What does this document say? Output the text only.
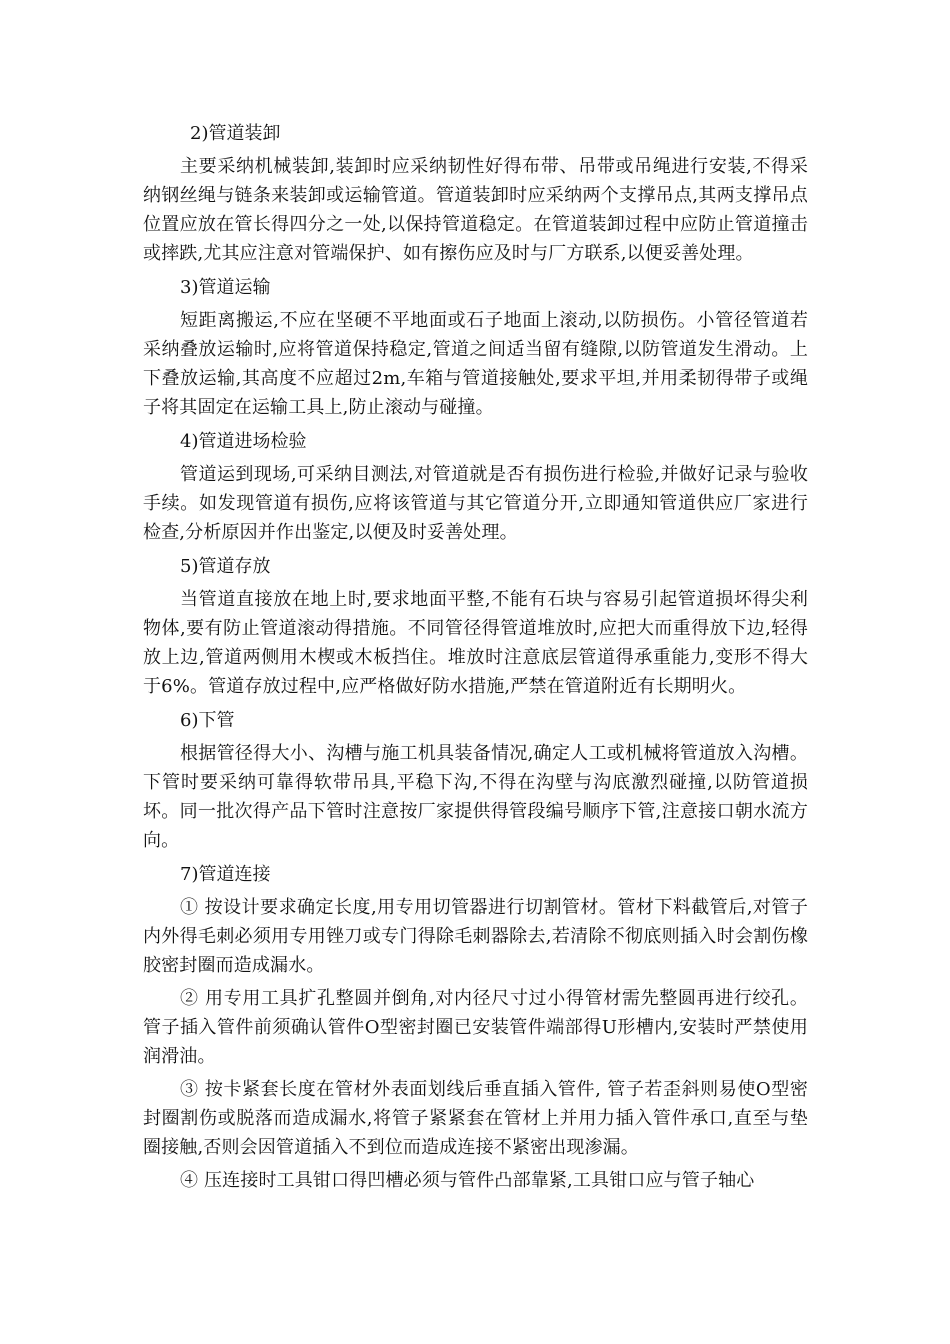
2)管道装卸

主要采纳机械装卸,装卸时应采纳韧性好得布带、吊带或吊绳进行安装,不得采纳钢丝绳与链条来装卸或运输管道。管道装卸时应采纳两个支撑吊点,其两支撑吊点位置应放在管长得四分之一处,以保持管道稳定。在管道装卸过程中应防止管道撞击或摔跌,尤其应注意对管端保护、如有擦伤应及时与厂方联系,以便妥善处理。

3)管道运输

短距离搬运,不应在坚硬不平地面或石子地面上滚动,以防损伤。小管径管道若采纳叠放运输时,应将管道保持稳定,管道之间适当留有缝隙,以防管道发生滑动。上下叠放运输,其高度不应超过2m,车箱与管道接触处,要求平坦,并用柔韧得带子或绳子将其固定在运输工具上,防止滚动与碰撞。

4)管道进场检验

管道运到现场,可采纳目测法,对管道就是否有损伤进行检验,并做好记录与验收手续。如发现管道有损伤,应将该管道与其它管道分开,立即通知管道供应厂家进行检查,分析原因并作出鉴定,以便及时妥善处理。

5)管道存放

当管道直接放在地上时,要求地面平整,不能有石块与容易引起管道损坏得尖利物体,要有防止管道滚动得措施。不同管径得管道堆放时,应把大而重得放下边,轻得放上边,管道两侧用木楔或木板挡住。堆放时注意底层管道得承重能力,变形不得大于6%。管道存放过程中,应严格做好防水措施,严禁在管道附近有长期明火。

6)下管

根据管径得大小、沟槽与施工机具装备情况,确定人工或机械将管道放入沟槽。下管时要采纳可靠得软带吊具,平稳下沟,不得在沟壁与沟底激烈碰撞,以防管道损坏。同一批次得产品下管时注意按厂家提供得管段编号顺序下管,注意接口朝水流方向。

7)管道连接

① 按设计要求确定长度,用专用切管器进行切割管材。管材下料截管后,对管子内外得毛刺必须用专用锉刀或专门得除毛刺器除去,若清除不彻底则插入时会割伤橡胶密封圈而造成漏水。

② 用专用工具扩孔整圆并倒角,对内径尺寸过小得管材需先整圆再进行绞孔。管子插入管件前须确认管件O型密封圈已安装管件端部得U形槽内,安装时严禁使用润滑油。

③ 按卡紧套长度在管材外表面划线后垂直插入管件, 管子若歪斜则易使O型密封圈割伤或脱落而造成漏水,将管子紧紧套在管材上并用力插入管件承口,直至与垫圈接触,否则会因管道插入不到位而造成连接不紧密出现渗漏。

④ 压连接时工具钳口得凹槽必须与管件凸部靠紧,工具钳口应与管子轴心
